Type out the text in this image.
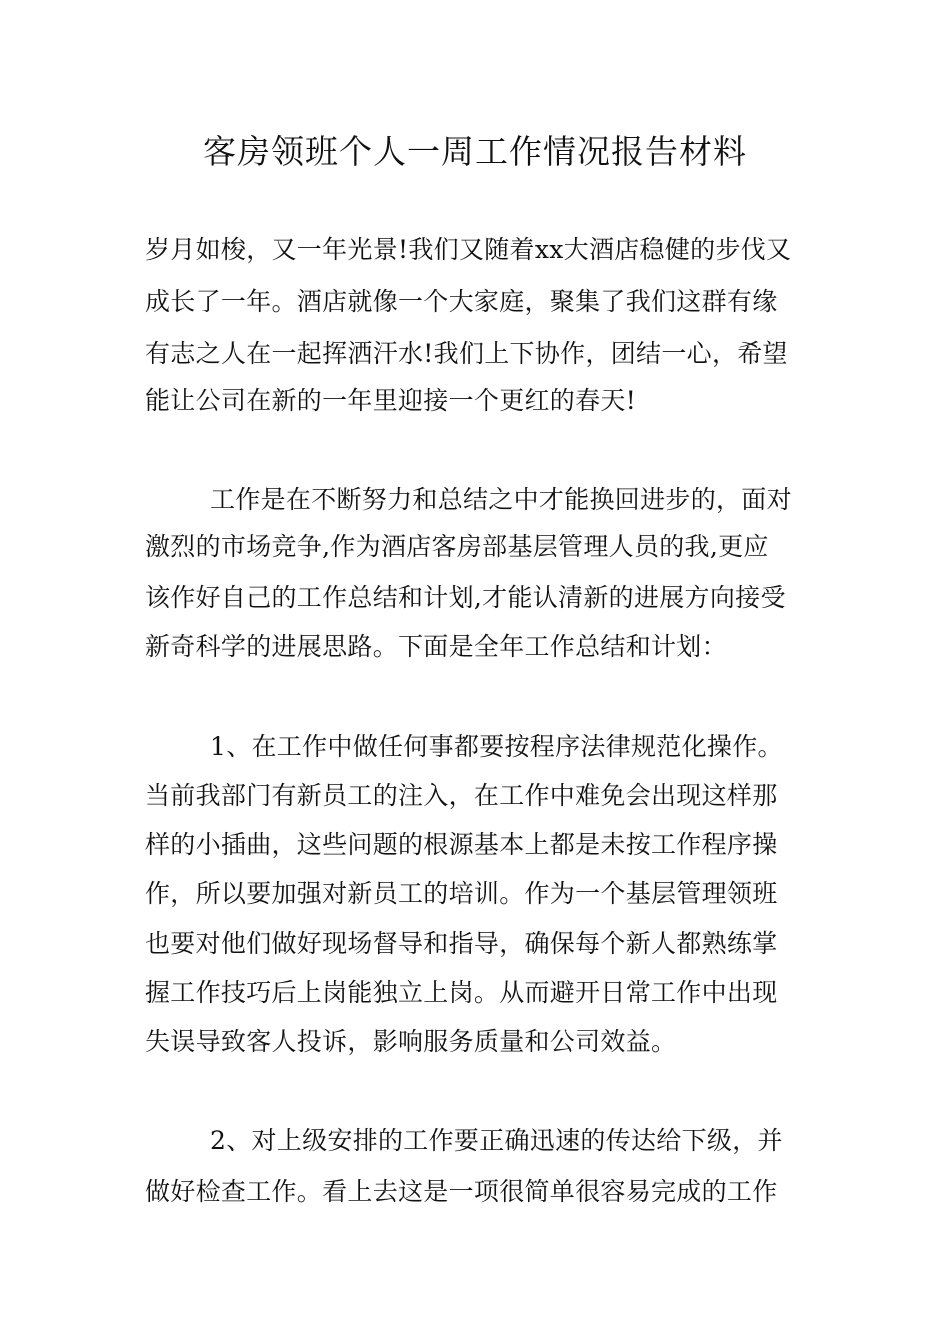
客房领班个人一周工作情况报告材料
岁月如梭，又一年光景!我们又随着xx大酒店稳健的步伐又
成长了一年。酒店就像一个大家庭，聚集了我们这群有缘
有志之人在一起挥洒汗水!我们上下协作，团结一心，希望
能让公司在新的一年里迎接一个更红的春天!
工作是在不断努力和总结之中才能换回进步的，面对
激烈的市场竞争,作为酒店客房部基层管理人员的我,更应
该作好自己的工作总结和计划,才能认清新的进展方向接受
新奇科学的进展思路。下面是全年工作总结和计划：
1、在工作中做任何事都要按程序法律规范化操作。
当前我部门有新员工的注入，在工作中难免会出现这样那
样的小插曲，这些问题的根源基本上都是未按工作程序操
作，所以要加强对新员工的培训。作为一个基层管理领班
也要对他们做好现场督导和指导，确保每个新人都熟练掌
握工作技巧后上岗能独立上岗。从而避开日常工作中出现
失误导致客人投诉，影响服务质量和公司效益。
2、对上级安排的工作要正确迅速的传达给下级，并
做好检查工作。看上去这是一项很简单很容易完成的工作
